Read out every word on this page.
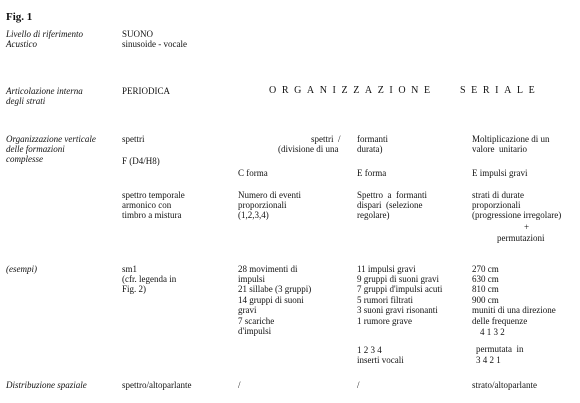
Fig. 1
Livello di riferimento
Acustico
Articolazione interna
degli strati
Organizzazione verticale
delle formazioni
complesse
(esempi)
Distribuzione spaziale
SUONO
sinusoide - vocale
PERIODICA	ORGANIZZAZIONE SERIALE
spettri
F (D4/H8)
spettro temporale
armonico con
timbro a mistura
sm1
(cfr. legenda in
Fig. 2)
spettro/altoparlante
spettri  /
(divisione di una
C forma
Numero di eventi
proporzionali
(1,2,3,4)
28 movimenti di
impulsi
21 sillabe (3 gruppi)
14 gruppi di suoni
gravi
7 scariche
d'impulsi
/
formanti
durata)
E forma
Spettro  a  formanti
dispari  (selezione
regolare)
11 impulsi gravi
9 gruppi di suoni gravi
7 gruppi d'impulsi acuti
5 rumori filtrati
3 suoni gravi risonanti
1 rumore grave
1 2 3 4
inserti vocali
/
Moltiplicazione di un
valore  unitario
E impulsi gravi
strati di durate
proporzionali
(progressione irregolare)
+
permutazioni
270 cm
630 cm
810 cm
900 cm
muniti di una direzione
delle frequenze
4 1 3 2
permutata  in
3 4 2 1
strato/altoparlante
